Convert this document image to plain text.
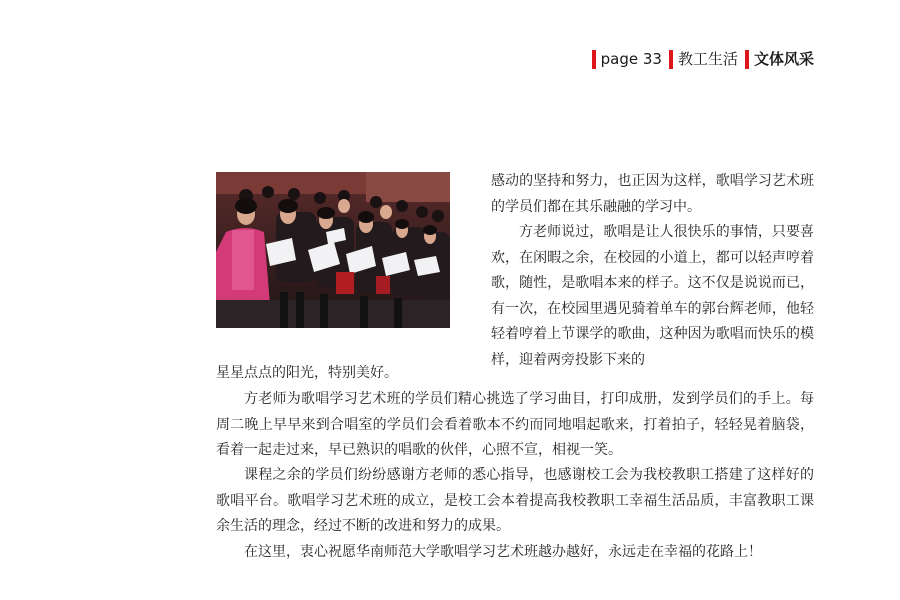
page 33 教工生活 文体风采
感动的坚持和努力，也正因为这样，歌唱学习艺术班的学员们都在其乐融融的学习中。
方老师说过，歌唱是让人很快乐的事情，只要喜欢，在闲暇之余，在校园的小道上，都可以轻声哼着歌，随性，是歌唱本来的样子。这不仅是说说而已，有一次，在校园里遇见骑着单车的郭台辉老师，他轻轻着哼着上节课学的歌曲，这种因为歌唱而快乐的模样，迎着两旁投影下来的
星星点点的阳光，特别美好。
方老师为歌唱学习艺术班的学员们精心挑选了学习曲目，打印成册，发到学员们的手上。每周二晚上早早来到合唱室的学员们会看着歌本不约而同地唱起歌来，打着拍子，轻轻晃着脑袋，看着一起走过来，早已熟识的唱歌的伙伴，心照不宣，相视一笑。
课程之余的学员们纷纷感谢方老师的悉心指导，也感谢校工会为我校教职工搭建了这样好的歌唱平台。歌唱学习艺术班的成立，是校工会本着提高我校教职工幸福生活品质，丰富教职工课余生活的理念，经过不断的改进和努力的成果。
在这里，衷心祝愿华南师范大学歌唱学习艺术班越办越好，永远走在幸福的花路上！
